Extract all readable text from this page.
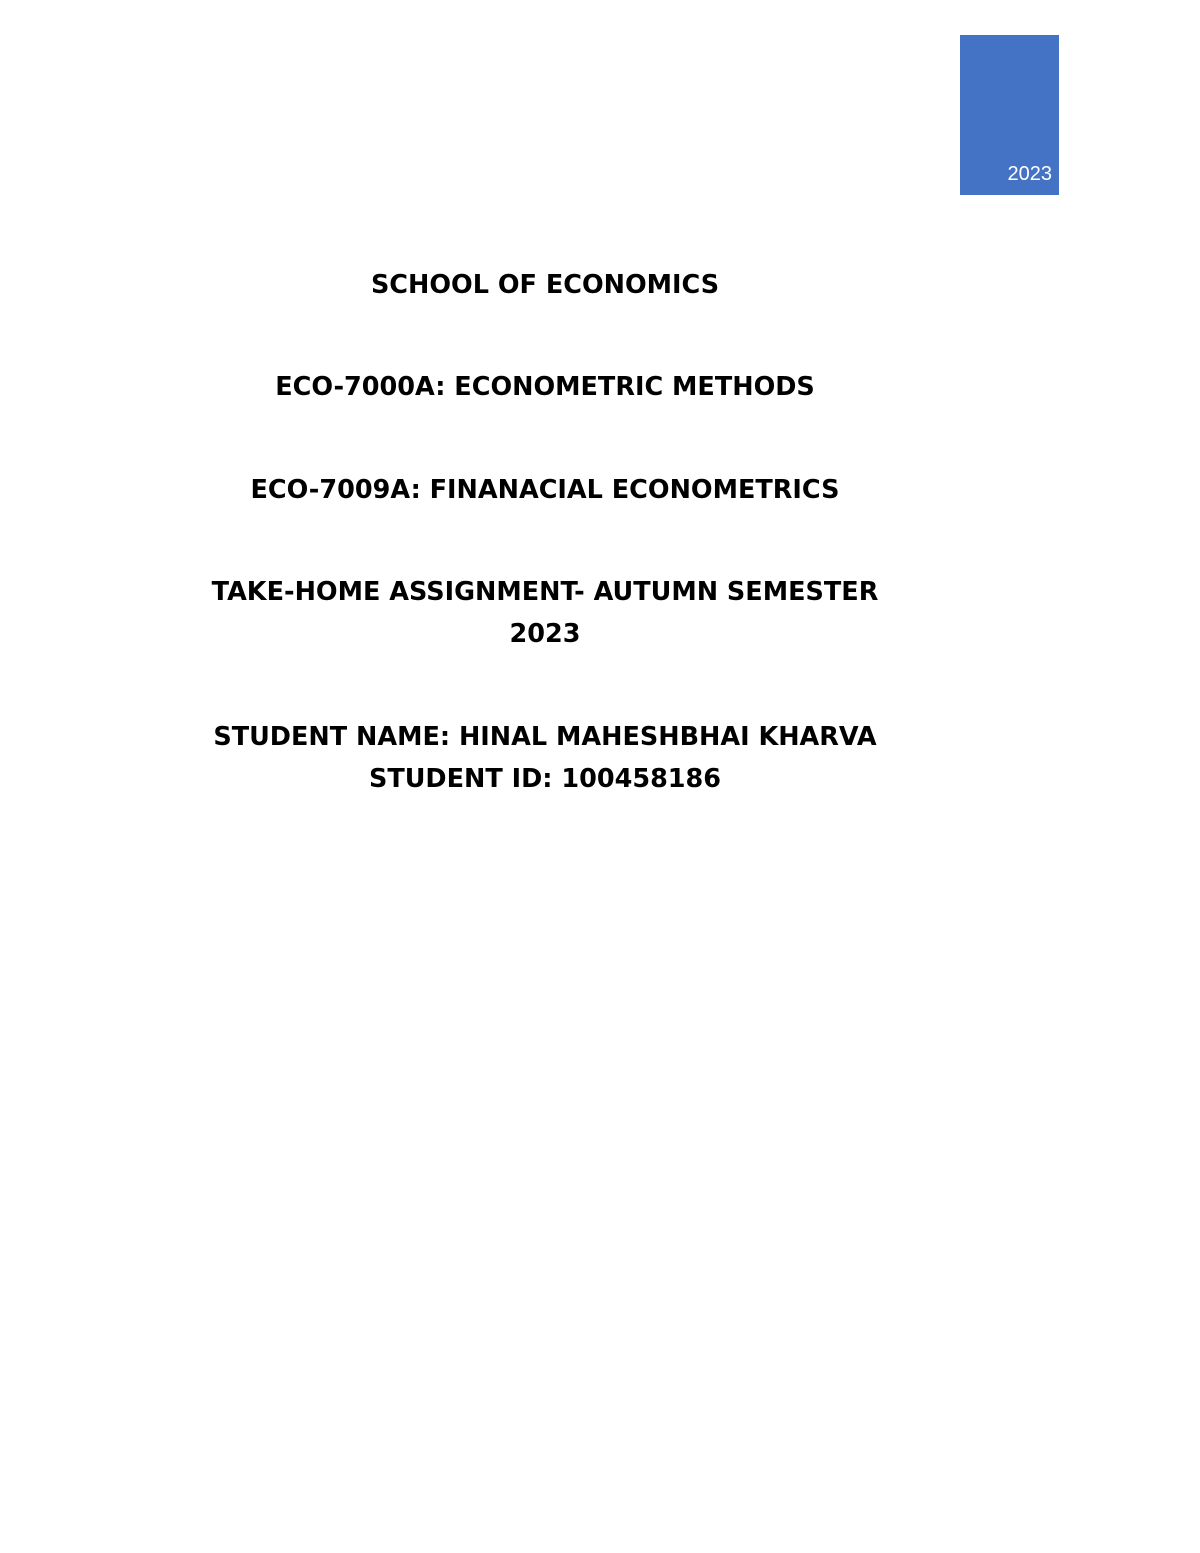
2023
SCHOOL OF ECONOMICS
ECO-7000A: ECONOMETRIC METHODS
ECO-7009A: FINANACIAL ECONOMETRICS
TAKE-HOME ASSIGNMENT- AUTUMN SEMESTER
2023
STUDENT NAME: HINAL MAHESHBHAI KHARVA
STUDENT ID: 100458186
